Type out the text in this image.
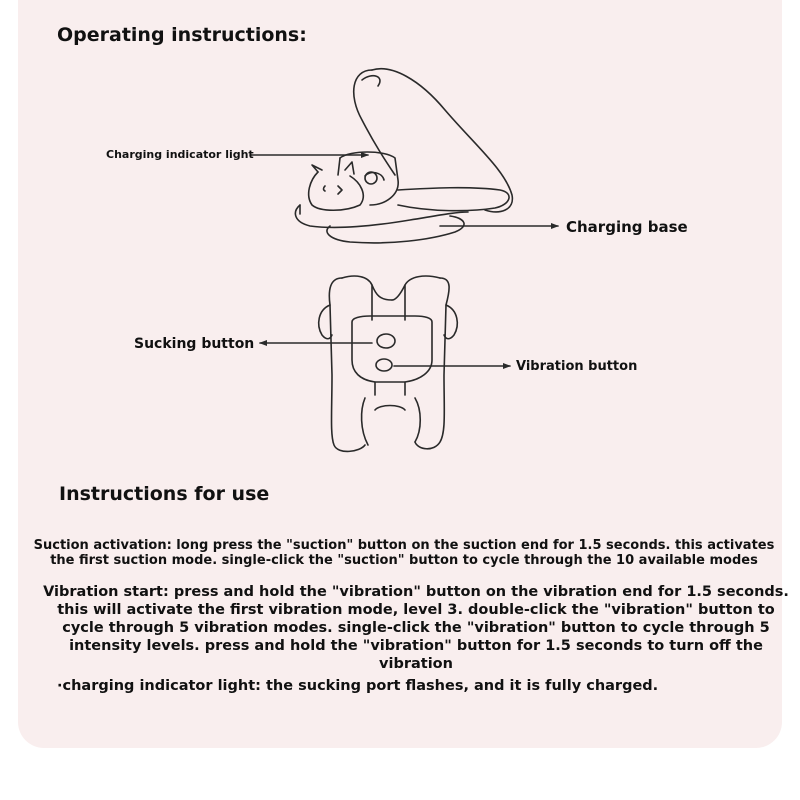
Operating instructions:
Charging indicator light
Charging base
Sucking button
Vibration button
Instructions for use

Suction activation: long press the "suction" button on the suction end for 1.5 seconds. this activates the first suction mode. single-click the "suction" button to cycle through the 10 available modes

Vibration start: press and hold the "vibration" button on the vibration end for 1.5 seconds. this will activate the first vibration mode, level 3. double-click the "vibration" button to cycle through 5 vibration modes. single-click the "vibration" button to cycle through 5 intensity levels. press and hold the "vibration" button for 1.5 seconds to turn off the vibration

·charging indicator light: the sucking port flashes, and it is fully charged.
